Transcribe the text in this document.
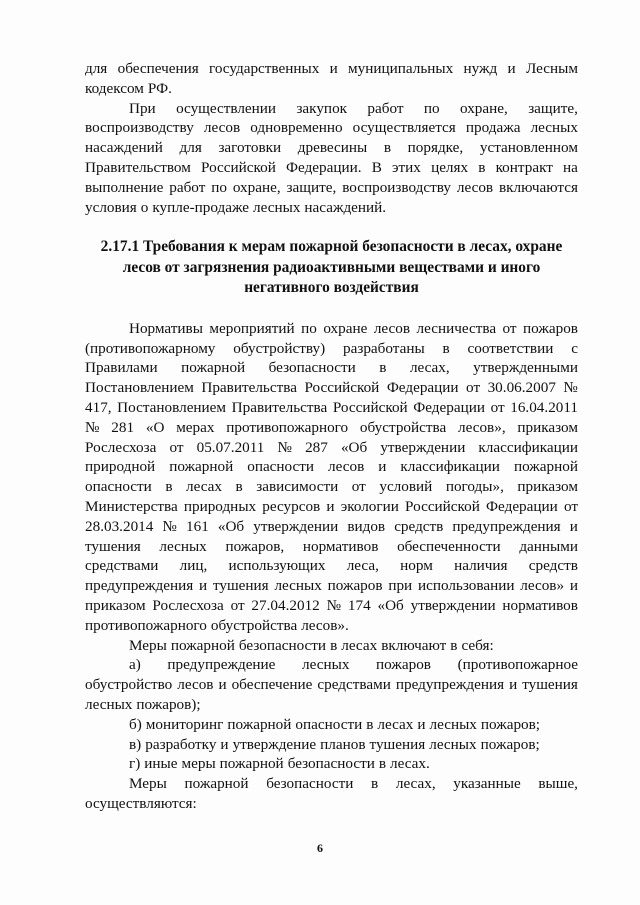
для обеспечения государственных и муниципальных нужд и Лесным
кодексом РФ.
При осуществлении закупок работ по охране, защите,
воспроизводству лесов одновременно осуществляется продажа лесных
насаждений для заготовки древесины в порядке, установленном
Правительством Российской Федерации. В этих целях в контракт на
выполнение работ по охране, защите, воспроизводству лесов включаются
условия о купле-продаже лесных насаждений.
2.17.1 Требования к мерам пожарной безопасности в лесах, охране
лесов от загрязнения радиоактивными веществами и иного
негативного воздействия
Нормативы мероприятий по охране лесов лесничества от пожаров
(противопожарному обустройству) разработаны в соответствии с
Правилами пожарной безопасности в лесах, утвержденными
Постановлением Правительства Российской Федерации от 30.06.2007 №
417, Постановлением Правительства Российской Федерации от 16.04.2011
№ 281 «О мерах противопожарного обустройства лесов», приказом
Рослесхоза от 05.07.2011 № 287 «Об утверждении классификации
природной пожарной опасности лесов и классификации пожарной
опасности в лесах в зависимости от условий погоды», приказом
Министерства природных ресурсов и экологии Российской Федерации от
28.03.2014 № 161 «Об утверждении видов средств предупреждения и
тушения лесных пожаров, нормативов обеспеченности данными
средствами лиц, использующих леса, норм наличия средств
предупреждения и тушения лесных пожаров при использовании лесов» и
приказом Рослесхоза от 27.04.2012 № 174 «Об утверждении нормативов
противопожарного обустройства лесов».
Меры пожарной безопасности в лесах включают в себя:
а) предупреждение лесных пожаров (противопожарное
обустройство лесов и обеспечение средствами предупреждения и тушения
лесных пожаров);
б) мониторинг пожарной опасности в лесах и лесных пожаров;
в) разработку и утверждение планов тушения лесных пожаров;
г) иные меры пожарной безопасности в лесах.
Меры пожарной безопасности в лесах, указанные выше,
осуществляются:
6
